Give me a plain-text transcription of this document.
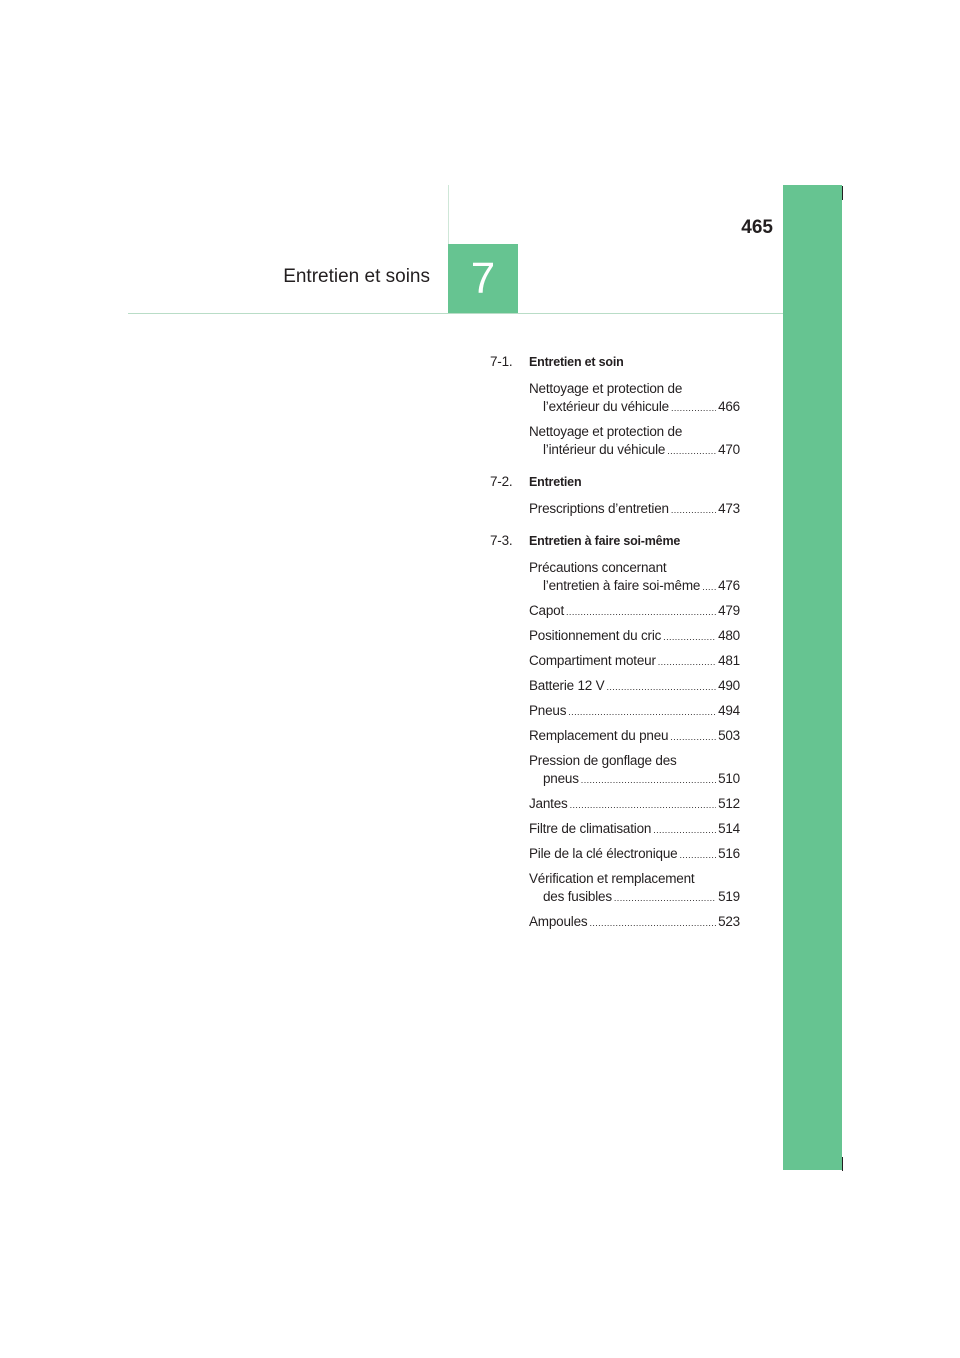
465
Entretien et soins 7
7-1.	Entretien et soin
Nettoyage et protection de
l’extérieur du véhicule .....	466
Nettoyage et protection de
l’intérieur du véhicule .....	470
7-2.	Entretien
Prescriptions d’entretien .....	473
7-3.	Entretien à faire soi-même
Précautions concernant
l’entretien à faire soi-même ..... 476
Capot .....	479
Positionnement du cric .....	480
Compartiment moteur .....	481
Batterie 12 V .....	490
Pneus .....	494
Remplacement du pneu .....	503
Pression de gonflage des
pneus .....	510
Jantes .....	512
Filtre de climatisation .....	514
Pile de la clé électronique .....	516
Vérification et remplacement
des fusibles .....	519
Ampoules .....	523
